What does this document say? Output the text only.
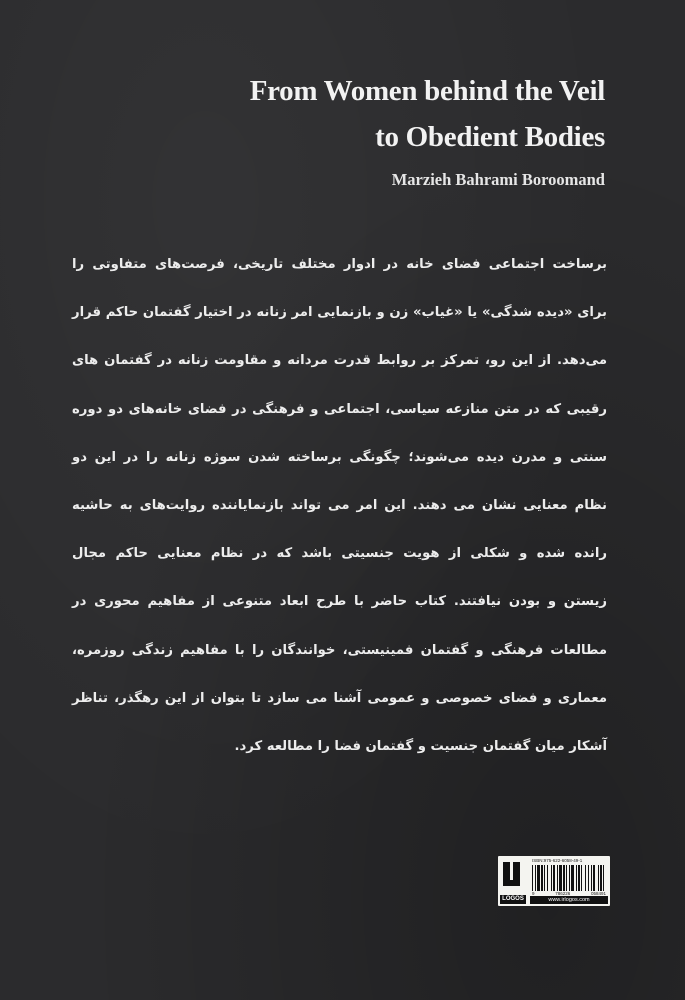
From Women behind the Veil
to Obedient Bodies
Marzieh Bahrami Boroomand
برساخت اجتماعی فضای خانه در ادوار مختلف تاریخی، فرصت‌های متفاوتی را
برای «دیده شدگی» یا «غیاب» زن و بازنمایی امر زنانه در اختیار گفتمان حاکم قرار
می‌دهد. از این رو، تمرکز بر روابط قدرت مردانه و مقاومت زنانه در گفتمان های
رقیبی که در متن منازعه سیاسی، اجتماعی و فرهنگی در فضای خانه‌های دو دوره
سنتی و مدرن دیده می‌شوند؛ چگونگی برساخته شدن سوژه زنانه را در این دو
نظام معنایی نشان می دهند. این امر می تواند بازنمایاننده روایت‌های به حاشیه
رانده شده و شکلی از هویت جنسیتی باشد که در نظام معنایی حاکم مجال
زیستن و بودن نیافتند. کتاب حاضر با طرح ابعاد متنوعی از مفاهیم محوری در
مطالعات فرهنگی و گفتمان فمینیستی، خوانندگان را با مفاهیم زندگی روزمره،
معماری و فضای خصوصی و عمومی آشنا می سازد تا بتوان از این رهگذر، تناظر
آشکار میان گفتمان جنسیت و گفتمان فضا را مطالعه کرد.
LOGOS
ISBN:975-622-6058-49-1
9	786226	058491
www.irlogos.com
